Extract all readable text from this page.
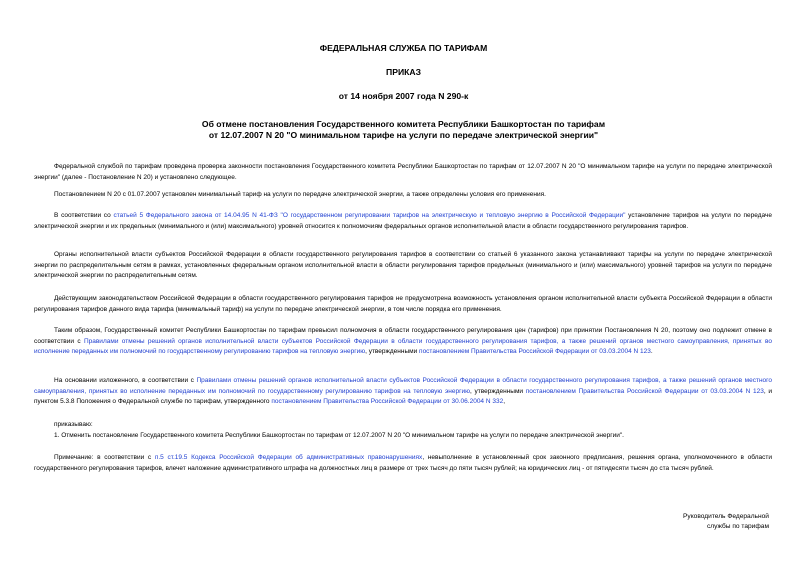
ФЕДЕРАЛЬНАЯ СЛУЖБА ПО ТАРИФАМ
ПРИКАЗ
от 14 ноября 2007 года N 290-к
Об отмене постановления Государственного комитета Республики Башкортостан по тарифам
от 12.07.2007 N 20 "О минимальном тарифе на услуги по передаче электрической энергии"

Федеральной службой по тарифам проведена проверка законности постановления Государственного комитета Республики Башкортостан по тарифам от 12.07.2007 N 20 "О минимальном тарифе на услуги по передаче электрической энергии" (далее - Постановление N 20) и установлено следующее.

Постановлением N 20 с 01.07.2007 установлен минимальный тариф на услуги по передаче электрической энергии, а также определены условия его применения.

В соответствии со статьей 5 Федерального закона от 14.04.95 N 41-ФЗ "О государственном регулировании тарифов на электрическую и тепловую энергию в Российской Федерации" установление тарифов на услуги по передаче электрической энергии и их предельных (минимального и (или) максимального) уровней относится к полномочиям федеральных органов исполнительной власти в области государственного регулирования тарифов.

Органы исполнительной власти субъектов Российской Федерации в области государственного регулирования тарифов в соответствии со статьей 6 указанного закона устанавливают тарифы на услуги по передаче электрической энергии по распределительным сетям в рамках, установленных федеральным органом исполнительной власти в области регулирования тарифов предельных (минимального и (или) максимального) уровней тарифов на услуги по передаче электрической энергии по распределительным сетям.

Действующим законодательством Российской Федерации в области государственного регулирования тарифов не предусмотрена возможность установления органом исполнительной власти субъекта Российской Федерации в области регулирования тарифов данного вида тарифа (минимальный тариф) на услуги по передаче электрической энергии, в том числе порядка его применения.

Таким образом, Государственный комитет Республики Башкортостан по тарифам превысил полномочия в области государственного регулирования цен (тарифов) при принятии Постановления N 20, поэтому оно подлежит отмене в соответствии с Правилами отмены решений органов исполнительной власти субъектов Российской Федерации в области государственного регулирования тарифов, а также решений органов местного самоуправления, принятых во исполнение переданных им полномочий по государственному регулированию тарифов на тепловую энергию, утвержденными постановлением Правительства Российской Федерации от 03.03.2004 N 123.

На основании изложенного, в соответствии с Правилами отмены решений органов исполнительной власти субъектов Российской Федерации в области государственного регулирования тарифов, а также решений органов местного самоуправления, принятых во исполнение переданных им полномочий по государственному регулированию тарифов на тепловую энергию, утвержденными постановлением Правительства Российской Федерации от 03.03.2004 N 123, и пунктом 5.3.8 Положения о Федеральной службе по тарифам, утвержденного постановлением Правительства Российской Федерации от 30.06.2004 N 332,

приказываю:

1. Отменить постановление Государственного комитета Республики Башкортостан по тарифам от 12.07.2007 N 20 "О минимальном тарифе на услуги по передаче электрической энергии".

Примечание: в соответствии с п.5 ст.19.5 Кодекса Российской Федерации об административных правонарушениях, невыполнение в установленный срок законного предписания, решения органа, уполномоченного в области государственного регулирования тарифов, влечет наложение административного штрафа на должностных лиц в размере от трех тысяч до пяти тысяч рублей; на юридических лиц - от пятидесяти тысяч до ста тысяч рублей.

Руководитель Федеральной
службы по тарифам
